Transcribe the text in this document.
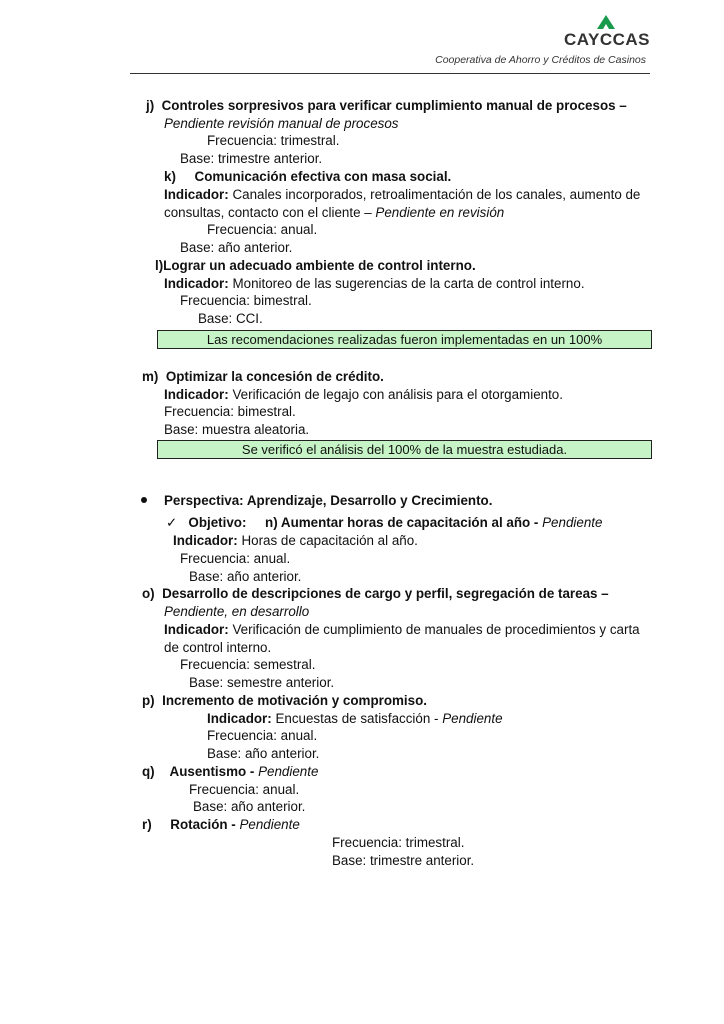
CAYCCAS
Cooperativa de Ahorro y Créditos de Casinos
j) Controles sorpresivos para verificar cumplimiento manual de procesos –
Pendiente revisión manual de procesos
Frecuencia: trimestral.
Base: trimestre anterior.
k) Comunicación efectiva con masa social.
Indicador: Canales incorporados, retroalimentación de los canales, aumento de
consultas, contacto con el cliente – Pendiente en revisión
Frecuencia: anual.
Base: año anterior.
l)Lograr un adecuado ambiente de control interno.
Indicador: Monitoreo de las sugerencias de la carta de control interno.
Frecuencia: bimestral.
Base: CCI.
Las recomendaciones realizadas fueron implementadas en un 100%
m) Optimizar la concesión de crédito.
Indicador: Verificación de legajo con análisis para el otorgamiento.
Frecuencia: bimestral.
Base: muestra aleatoria.
Se verificó el análisis del 100% de la muestra estudiada.
Perspectiva: Aprendizaje, Desarrollo y Crecimiento.
✓ Objetivo: n) Aumentar horas de capacitación al año - Pendiente
Indicador: Horas de capacitación al año.
Frecuencia: anual.
Base: año anterior.
o) Desarrollo de descripciones de cargo y perfil, segregación de tareas –
Pendiente, en desarrollo
Indicador: Verificación de cumplimiento de manuales de procedimientos y carta
de control interno.
Frecuencia: semestral.
Base: semestre anterior.
p) Incremento de motivación y compromiso.
Indicador: Encuestas de satisfacción - Pendiente
Frecuencia: anual.
Base: año anterior.
q) Ausentismo - Pendiente
Frecuencia: anual.
Base: año anterior.
r) Rotación - Pendiente
Frecuencia: trimestral.
Base: trimestre anterior.
